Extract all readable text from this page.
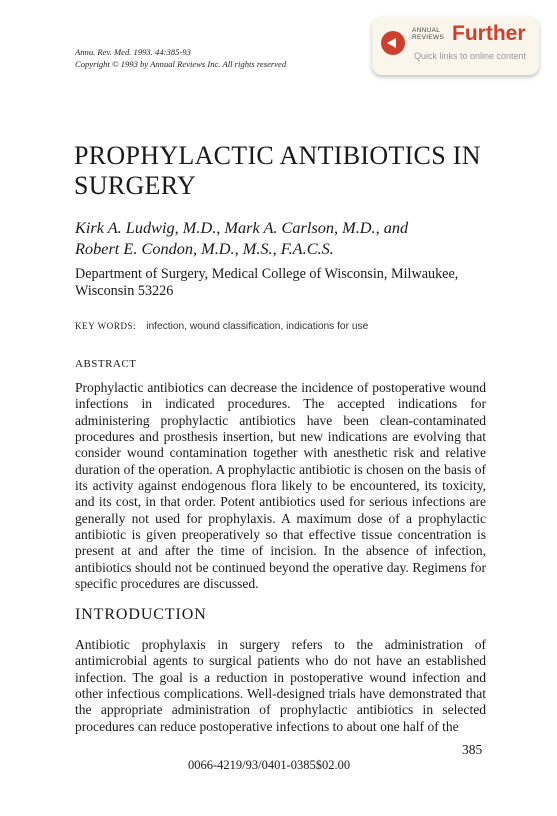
Annu. Rev. Med. 1993. 44:385-93
Copyright © 1993 by Annual Reviews Inc. All rights reserved
ANNUAL
REVIEWS Further
Quick links to online content
PROPHYLACTIC ANTIBIOTICS IN SURGERY
Kirk A. Ludwig, M.D., Mark A. Carlson, M.D., and
Robert E. Condon, M.D., M.S., F.A.C.S.
Department of Surgery, Medical College of Wisconsin, Milwaukee, Wisconsin 53226
KEY WORDS: infection, wound classification, indications for use
ABSTRACT
Prophylactic antibiotics can decrease the incidence of postoperative wound infections in indicated procedures. The accepted indications for administering prophylactic antibiotics have been clean-contaminated procedures and prosthesis insertion, but new indications are evolving that consider wound contamination together with anesthetic risk and relative duration of the operation. A prophylactic antibiotic is chosen on the basis of its activity against endogenous flora likely to be encountered, its toxicity, and its cost, in that order. Potent antibiotics used for serious infections are generally not used for prophylaxis. A maximum dose of a prophylactic antibiotic is given preoperatively so that effective tissue concentration is present at and after the time of incision. In the absence of infection, antibiotics should not be continued beyond the operative day. Regimens for specific procedures are discussed.
INTRODUCTION
Antibiotic prophylaxis in surgery refers to the administration of antimicrobial agents to surgical patients who do not have an established infection. The goal is a reduction in postoperative wound infection and other infectious complications. Well-designed trials have demonstrated that the appropriate administration of prophylactic antibiotics in selected procedures can reduce postoperative infections to about one half of the
385
0066-4219/93/0401-0385$02.00
